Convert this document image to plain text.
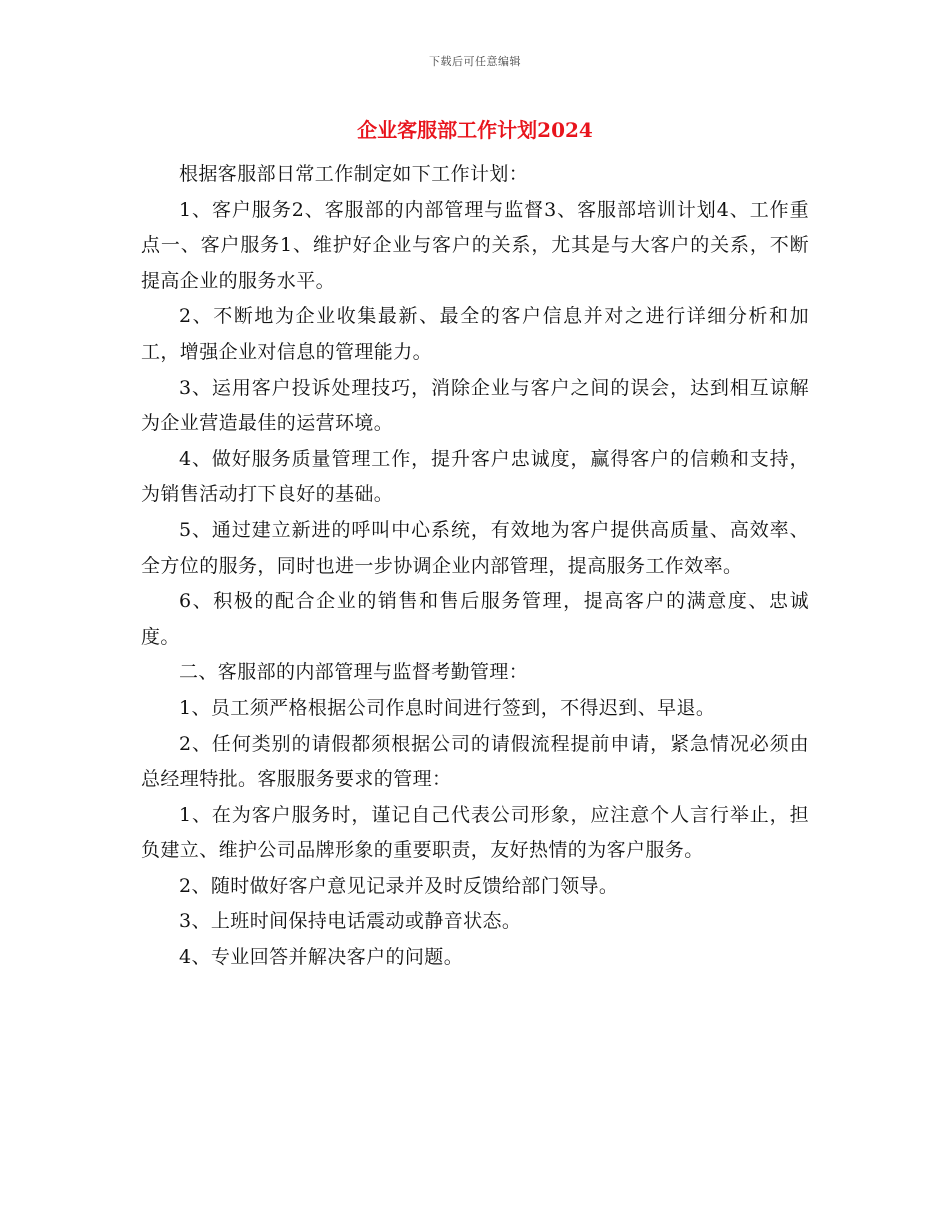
下载后可任意编辑
企业客服部工作计划2024

根据客服部日常工作制定如下工作计划：

1、客户服务2、客服部的内部管理与监督3、客服部培训计划4、工作重点一、客户服务1、维护好企业与客户的关系，尤其是与大客户的关系，不断提高企业的服务水平。

2、不断地为企业收集最新、最全的客户信息并对之进行详细分析和加工，增强企业对信息的管理能力。

3、运用客户投诉处理技巧，消除企业与客户之间的误会，达到相互谅解为企业营造最佳的运营环境。

4、做好服务质量管理工作，提升客户忠诚度，赢得客户的信赖和支持，为销售活动打下良好的基础。

5、通过建立新进的呼叫中心系统，有效地为客户提供高质量、高效率、全方位的服务，同时也进一步协调企业内部管理，提高服务工作效率。

6、积极的配合企业的销售和售后服务管理，提高客户的满意度、忠诚度。

二、客服部的内部管理与监督考勤管理：

1、员工须严格根据公司作息时间进行签到，不得迟到、早退。

2、任何类别的请假都须根据公司的请假流程提前申请，紧急情况必须由总经理特批。客服服务要求的管理：

1、在为客户服务时，谨记自己代表公司形象，应注意个人言行举止，担负建立、维护公司品牌形象的重要职责，友好热情的为客户服务。

2、随时做好客户意见记录并及时反馈给部门领导。

3、上班时间保持电话震动或静音状态。

4、专业回答并解决客户的问题。
